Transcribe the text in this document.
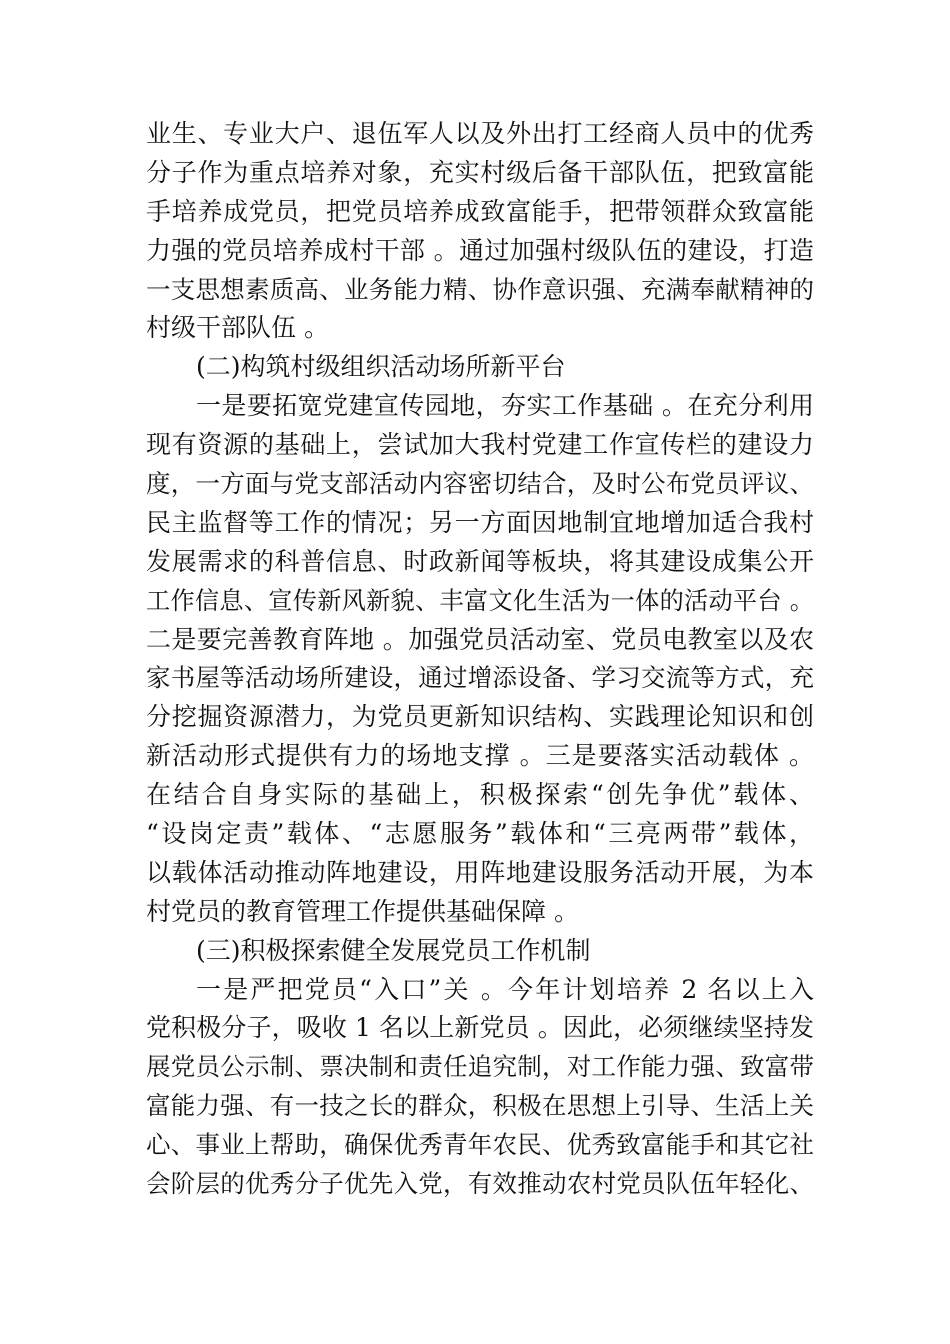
业生、专业大户、退伍军人以及外出打工经商人员中的优秀
分子作为重点培养对象，充实村级后备干部队伍，把致富能
手培养成党员，把党员培养成致富能手，把带领群众致富能
力强的党员培养成村干部 。通过加强村级队伍的建设，打造
一支思想素质高、业务能力精、协作意识强、充满奉献精神的
村级干部队伍 。
(二)构筑村级组织活动场所新平台
一是要拓宽党建宣传园地，夯实工作基础 。在充分利用
现有资源的基础上，尝试加大我村党建工作宣传栏的建设力
度，一方面与党支部活动内容密切结合，及时公布党员评议、
民主监督等工作的情况；另一方面因地制宜地增加适合我村
发展需求的科普信息、时政新闻等板块，将其建设成集公开
工作信息、宣传新风新貌、丰富文化生活为一体的活动平台 。
二是要完善教育阵地 。加强党员活动室、党员电教室以及农
家书屋等活动场所建设，通过增添设备、学习交流等方式，充
分挖掘资源潜力，为党员更新知识结构、实践理论知识和创
新活动形式提供有力的场地支撑 。三是要落实活动载体 。
在结合自身实际的基础上，积极探索“创先争优”载体、
“设岗定责”载体、“志愿服务”载体和“三亮两带”载体，
以载体活动推动阵地建设，用阵地建设服务活动开展，为本
村党员的教育管理工作提供基础保障 。
(三)积极探索健全发展党员工作机制
一是严把党员“入口”关 。今年计划培养 2 名以上入
党积极分子，吸收 1 名以上新党员 。因此，必须继续坚持发
展党员公示制、票决制和责任追究制，对工作能力强、致富带
富能力强、有一技之长的群众，积极在思想上引导、生活上关
心、事业上帮助，确保优秀青年农民、优秀致富能手和其它社
会阶层的优秀分子优先入党，有效推动农村党员队伍年轻化、
